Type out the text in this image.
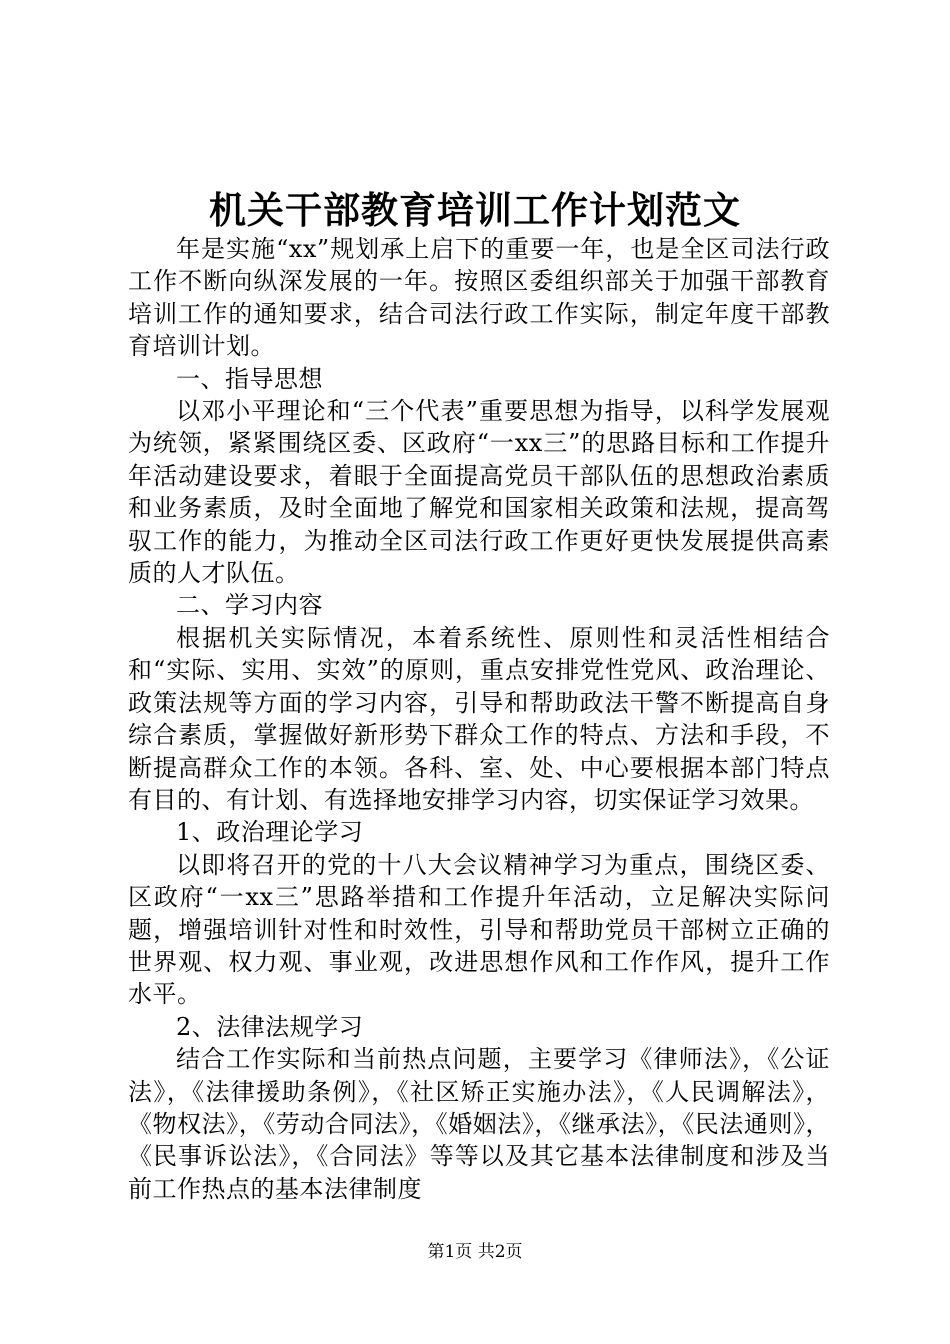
机关干部教育培训工作计划范文

年是实施“xx”规划承上启下的重要一年，也是全区司法行政工作不断向纵深发展的一年。按照区委组织部关于加强干部教育培训工作的通知要求，结合司法行政工作实际，制定年度干部教育培训计划。

一、指导思想

以邓小平理论和“三个代表”重要思想为指导，以科学发展观为统领，紧紧围绕区委、区政府“一xx三”的思路目标和工作提升年活动建设要求，着眼于全面提高党员干部队伍的思想政治素质和业务素质，及时全面地了解党和国家相关政策和法规，提高驾驭工作的能力，为推动全区司法行政工作更好更快发展提供高素质的人才队伍。

二、学习内容

根据机关实际情况，本着系统性、原则性和灵活性相结合和“实际、实用、实效”的原则，重点安排党性党风、政治理论、政策法规等方面的学习内容，引导和帮助政法干警不断提高自身综合素质，掌握做好新形势下群众工作的特点、方法和手段，不断提高群众工作的本领。各科、室、处、中心要根据本部门特点有目的、有计划、有选择地安排学习内容，切实保证学习效果。

1、政治理论学习

以即将召开的党的十八大会议精神学习为重点，围绕区委、区政府“一xx三”思路举措和工作提升年活动，立足解决实际问题，增强培训针对性和时效性，引导和帮助党员干部树立正确的世界观、权力观、事业观，改进思想作风和工作作风，提升工作水平。

2、法律法规学习

结合工作实际和当前热点问题，主要学习《律师法》，《公证法》，《法律援助条例》，《社区矫正实施办法》，《人民调解法》，《物权法》，《劳动合同法》，《婚姻法》，《继承法》，《民法通则》，《民事诉讼法》，《合同法》等等以及其它基本法律制度和涉及当前工作热点的基本法律制度

第1页 共2页
